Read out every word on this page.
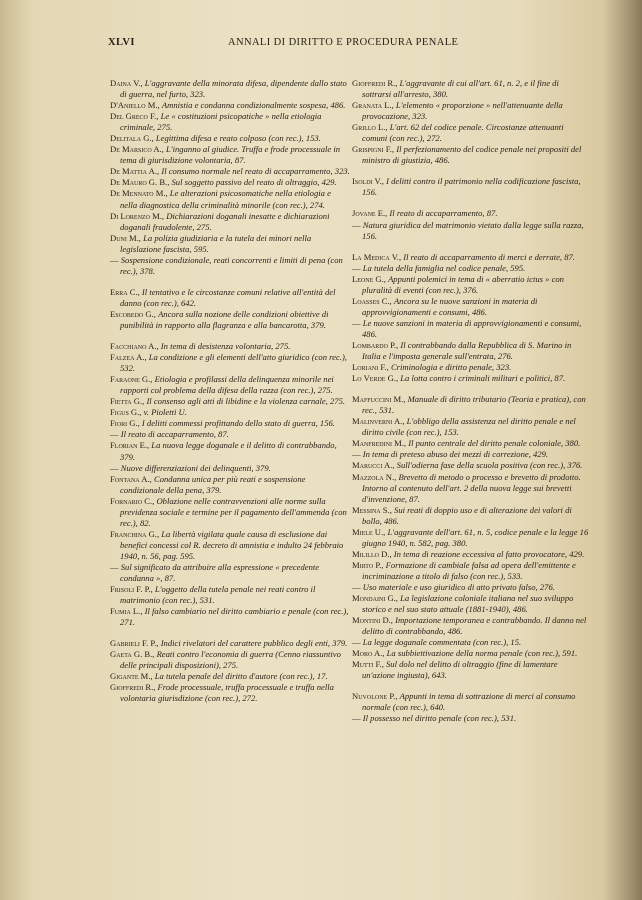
XLVI	ANNALI DI DIRITTO E PROCEDURA PENALE
Daina V., L'aggravante della minorata difesa, dipendente dallo stato di guerra, nel furto, 323.
D'Aniello M., Amnistia e condanna condizionalmente sospesa, 486.
Del Greco F., Le « costituzioni psicopatiche » nella etiologia criminale, 275.
Delitala G., Legittima difesa e reato colposo (con rec.), 153.
De Marsico A., L'inganno al giudice. Truffa e frode processuale in tema di giurisdizione volontaria, 87.
De Mattia A., Il consumo normale nel reato di accaparramento, 323.
De Mauro G. B., Sul soggetto passivo del reato di oltraggio, 429.
De Mennato M., Le alterazioni psicosomatiche nella etiologia e nella diagnostica della criminalità minorile (con rec.), 274.
Di Lorenzo M., Dichiarazioni doganali inesatte e dichiarazioni doganali fraudolente, 275.
Duni M., La polizia giudiziaria e la tutela dei minori nella legislazione fascista, 595.
— Sospensione condizionale, reati concorrenti e limiti di pena (con rec.), 378.
Erra C., Il tentativo e le circostanze comuni relative all'entità del danno (con rec.), 642.
Escobedo G., Ancora sulla nozione delle condizioni obiettive di punibilità in rapporto alla flagranza e alla bancarotta, 379.
Facchiano A., In tema di desistenza volontaria, 275.
Falzea A., La condizione e gli elementi dell'atto giuridico (con rec.), 532.
Faraone G., Etiologia e profilassi della delinquenza minorile nei rapporti col problema della difesa della razza (con rec.), 275.
Fietta G., Il consenso agli atti di libidine e la violenza carnale, 275.
Figus G., v. Pioletti U.
Fiori G., I delitti commessi profittando dello stato di guerra, 156.
— Il reato di accaparramento, 87.
Florian E., La nuova legge doganale e il delitto di contrabbando, 379.
— Nuove differenziazioni dei delinquenti, 379.
Fontana A., Condanna unica per più reati e sospensione condizionale della pena, 379.
Fornario C., Oblazione nelle contravvenzioni alle norme sulla previdenza sociale e termine per il pagamento dell'ammenda (con rec.), 82.
Franchina G., La libertà vigilata quale causa di esclusione dai benefici concessi col R. decreto di amnistia e indulto 24 febbraio 1940, n. 56, pag. 595.
— Sul significato da attribuire alla espressione « precedente condanna », 87.
Frisoli F. P., L'oggetto della tutela penale nei reati contro il matrimonio (con rec.), 531.
Fumia L., Il falso cambiario nel diritto cambiario e penale (con rec.), 271.
Gabrieli F. P., Indici rivelatori del carattere pubblico degli enti, 379.
Gaeta G. B., Reati contro l'economia di guerra (Cenno riassuntivo delle principali disposizioni), 275.
Gigante M., La tutela penale del diritto d'autore (con rec.), 17.
Gioffredi R., Frode processuale, truffa processuale e truffa nella volontaria giurisdizione (con rec.), 272.
Gioffredi R., L'aggravante di cui all'art. 61, n. 2, e il fine di sottrarsi all'arresto, 380.
Granata L., L'elemento « proporzione » nell'attenuante della provocazione, 323.
Grillo L., L'art. 62 del codice penale. Circostanze attenuanti comuni (con rec.), 272.
Grispigni F., Il perfezionamento del codice penale nei propositi del ministro di giustizia, 486.
Isoldi V., I delitti contro il patrimonio nella codificazione fascista, 156.
Jovane E., Il reato di accaparramento, 87.
— Natura giuridica del matrimonio vietato dalla legge sulla razza, 156.
La Medica V., Il reato di accaparramento di merci e derrate, 87.
— La tutela della famiglia nel codice penale, 595.
Leone G., Appunti polemici in tema di « aberratio ictus » con pluralità di eventi (con rec.), 376.
Loasses C., Ancora su le nuove sanzioni in materia di approvvigionamenti e consumi, 486.
— Le nuove sanzioni in materia di approvvigionamenti e consumi, 486.
Lombardo P., Il contrabbando dalla Repubblica di S. Marino in Italia e l'imposta generale sull'entrata, 276.
Loriani F., Criminologia e diritto penale, 323.
Lo Verde G., La lotta contro i criminali militari e politici, 87.
Maffuccini M., Manuale di diritto tributario (Teoria e pratica), con rec., 531.
Malinverni A., L'obbligo della assistenza nel diritto penale e nel diritto civile (con rec.), 153.
Manfredini M., Il punto centrale del diritto penale coloniale, 380.
— In tema di preteso abuso dei mezzi di correzione, 429.
Marucci A., Sull'odierna fase della scuola positiva (con rec.), 376.
Mazzola N., Brevetto di metodo o processo e brevetto di prodotto. Intorno al contenuto dell'art. 2 della nuova legge sui brevetti d'invenzione, 87.
Messina S., Sui reati di doppio uso e di alterazione dei valori di bollo, 486.
Miele U., L'aggravante dell'art. 61, n. 5, codice penale e la legge 16 giugno 1940, n. 582, pag. 380.
Milillo D., In tema di reazione eccessiva al fatto provocatore, 429.
Mirto P., Formazione di cambiale falsa ad opera dell'emittente e incriminazione a titolo di falso (con rec.), 533.
— Uso materiale e uso giuridico di atto privato falso, 276.
Mondaini G., La legislazione coloniale italiana nel suo sviluppo storico e nel suo stato attuale (1881-1940), 486.
Montini D., Importazione temporanea e contrabbando. Il danno nel delitto di contrabbando, 486.
— La legge doganale commentata (con rec.), 15.
Moro A., La subbiettivazione della norma penale (con rec.), 591.
Mutti F., Sul dolo nel delitto di oltraggio (fine di lamentare un'azione ingiusta), 643.
Nuvolone P., Appunti in tema di sottrazione di merci al consumo normale (con rec.), 640.
— Il possesso nel diritto penale (con rec.), 531.
